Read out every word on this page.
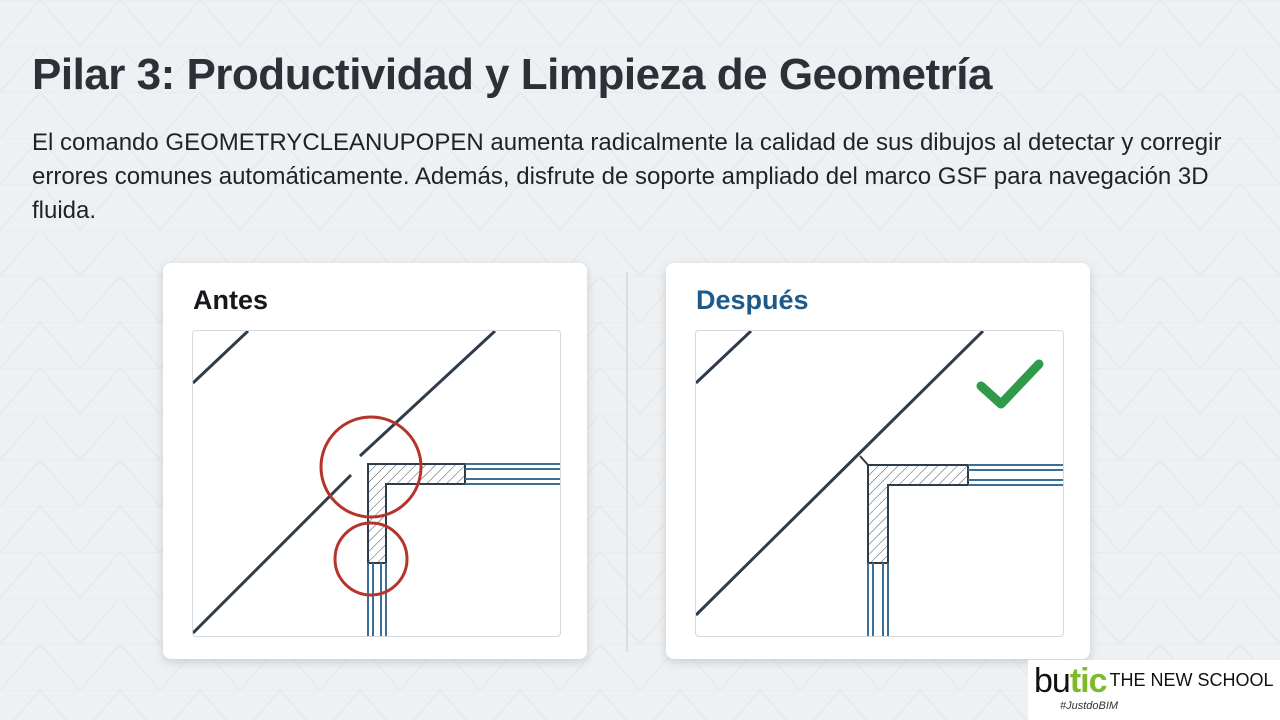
Pilar 3: Productividad y Limpieza de Geometría

El comando GEOMETRYCLEANUPOPEN aumenta radicalmente la calidad de sus dibujos al detectar y corregir errores comunes automáticamente. Además, disfrute de soporte ampliado del marco GSF para navegación 3D fluida.

Antes	Después
butic THE NEW SCHOOL
#JustdoBIM
